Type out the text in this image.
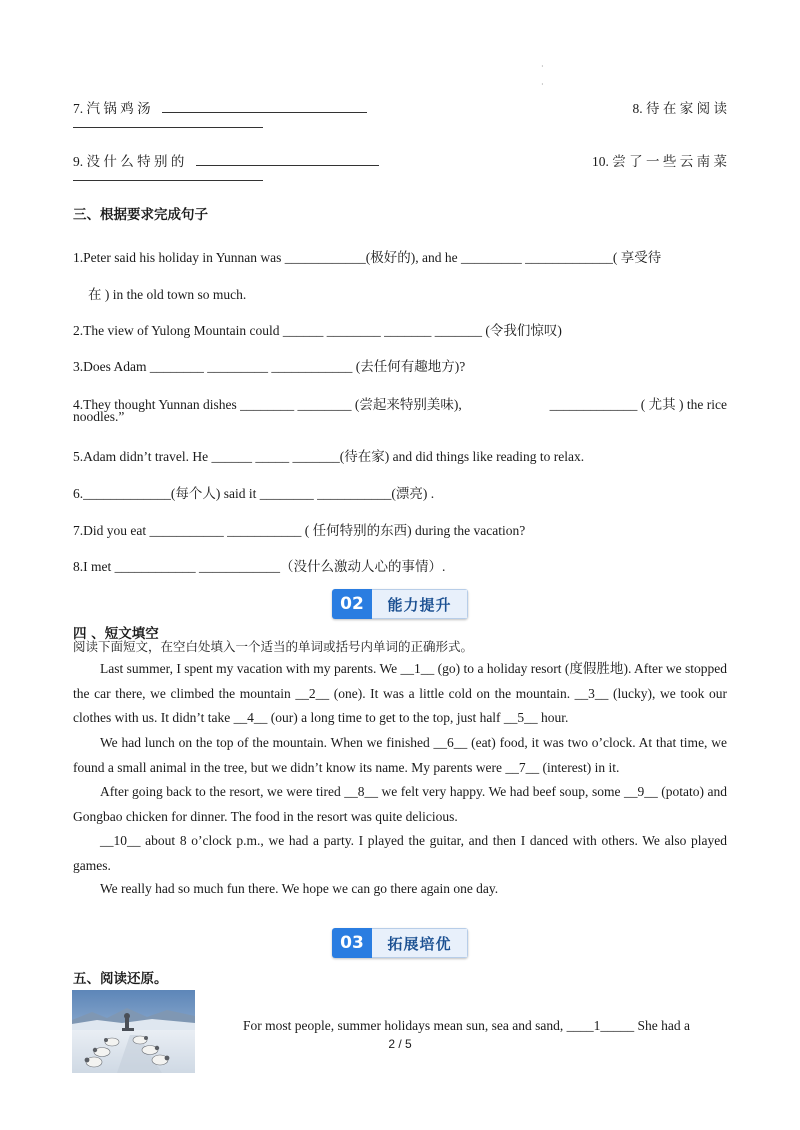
·

·
7. 汽 锅 鸡 汤	8. 待 在 家 阅 读
9. 没 什 么 特 别 的	10. 尝 了 一 些 云 南 菜
三、根据要求完成句子
1.Peter said his holiday in Yunnan was ____________(极好的), and he _________ _____________( 享受待
在 ) in the old town so much.
2.The view of Yulong Mountain could ______ ________ _______ _______ (令我们惊叹)
3.Does Adam ________ _________ ____________ (去任何有趣地方)?
4.They thought Yunnan dishes ________ ________ (尝起来特别美味),	_____________ ( 尤其 ) the rice
noodles.”
5.Adam didn’t travel. He ______ _____ _______(待在家) and did things like reading to relax.
6._____________(每个人) said it ________ ___________(漂亮) .
7.Did you eat ___________ ___________ ( 任何特别的东西) during the vacation?
8.I met ____________ ____________（没什么激动人心的事情）.
02	能力提升
四 、短文填空
阅读下面短文，在空白处填入一个适当的单词或括号内单词的正确形式。
Last summer, I spent my vacation with my parents. We __1__ (go) to a holiday resort (度假胜地). After we stopped the car there, we climbed the mountain __2__ (one). It was a little cold on the mountain. __3__ (lucky), we took our clothes with us. It didn’t take __4__ (our) a long time to get to the top, just half __5__ hour.
We had lunch on the top of the mountain. When we finished __6__ (eat) food, it was two o’clock. At that time, we found a small animal in the tree, but we didn’t know its name. My parents were __7__ (interest) in it.
After going back to the resort, we were tired __8__ we felt very happy. We had beef soup, some __9__ (potato) and Gongbao chicken for dinner. The food in the resort was quite delicious.
__10__ about 8 o’clock p.m., we had a party. I played the guitar, and then I danced with others. We also played games.
We really had so much fun there. We hope we can go there again one day.
03	拓展培优
五、阅读还原。
For most people, summer holidays mean sun, sea and sand, ____1_____ She had a
2 / 5
